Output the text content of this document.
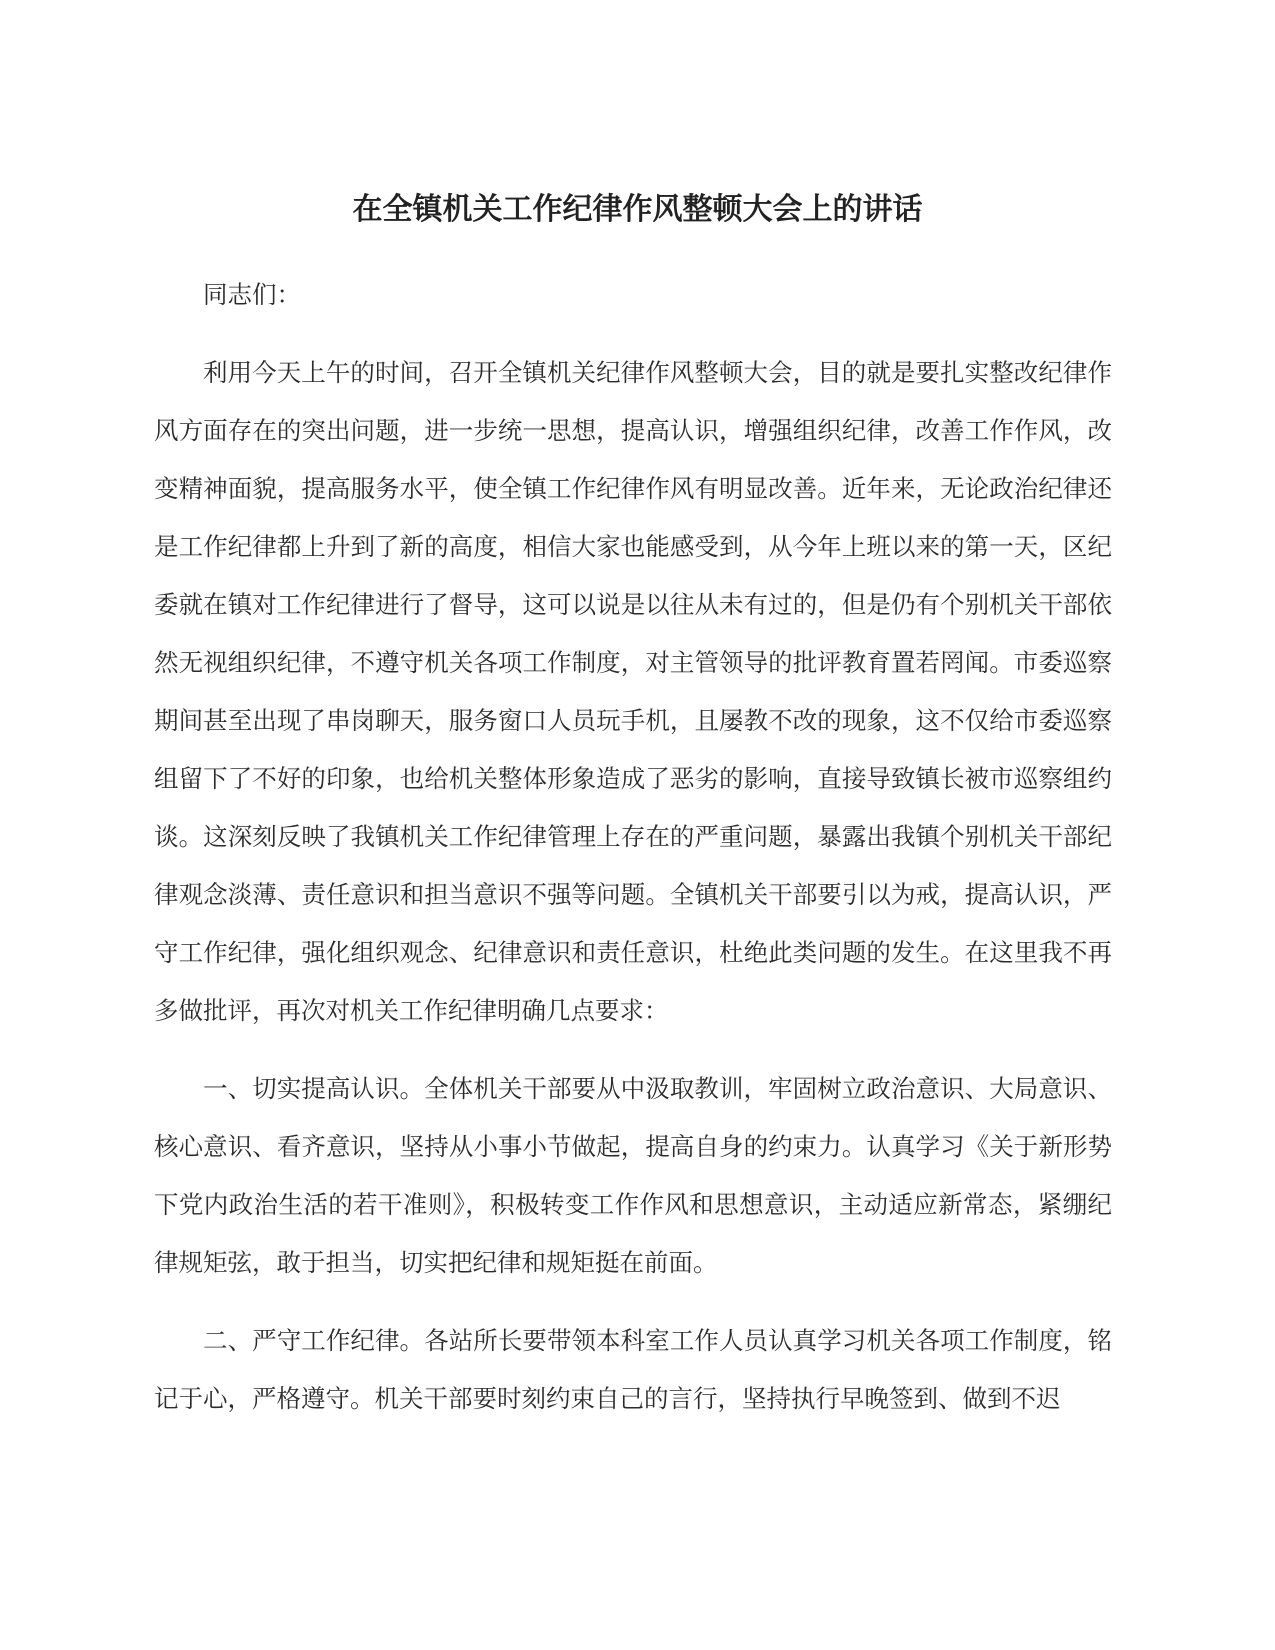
在全镇机关工作纪律作风整顿大会上的讲话

同志们：

利用今天上午的时间，召开全镇机关纪律作风整顿大会，目的就是要扎实整改纪律作风方面存在的突出问题，进一步统一思想，提高认识，增强组织纪律，改善工作作风，改变精神面貌，提高服务水平，使全镇工作纪律作风有明显改善。近年来，无论政治纪律还是工作纪律都上升到了新的高度，相信大家也能感受到，从今年上班以来的第一天，区纪委就在镇对工作纪律进行了督导，这可以说是以往从未有过的，但是仍有个别机关干部依然无视组织纪律，不遵守机关各项工作制度，对主管领导的批评教育置若罔闻。市委巡察期间甚至出现了串岗聊天，服务窗口人员玩手机，且屡教不改的现象，这不仅给市委巡察组留下了不好的印象，也给机关整体形象造成了恶劣的影响，直接导致镇长被市巡察组约谈。这深刻反映了我镇机关工作纪律管理上存在的严重问题，暴露出我镇个别机关干部纪律观念淡薄、责任意识和担当意识不强等问题。全镇机关干部要引以为戒，提高认识，严守工作纪律，强化组织观念、纪律意识和责任意识，杜绝此类问题的发生。在这里我不再多做批评，再次对机关工作纪律明确几点要求：

一、切实提高认识。全体机关干部要从中汲取教训，牢固树立政治意识、大局意识、核心意识、看齐意识，坚持从小事小节做起，提高自身的约束力。认真学习《关于新形势下党内政治生活的若干准则》，积极转变工作作风和思想意识，主动适应新常态，紧绷纪律规矩弦，敢于担当，切实把纪律和规矩挺在前面。

二、严守工作纪律。各站所长要带领本科室工作人员认真学习机关各项工作制度，铭记于心，严格遵守。机关干部要时刻约束自己的言行，坚持执行早晚签到、做到不迟
